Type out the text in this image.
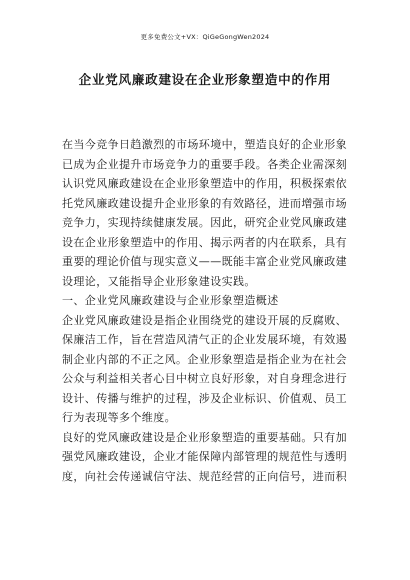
更多免费公文+VX：QiGeGongWen2024
企业党风廉政建设在企业形象塑造中的作用
在当今竞争日趋激烈的市场环境中，塑造良好的企业形象
已成为企业提升市场竞争力的重要手段。各类企业需深刻
认识党风廉政建设在企业形象塑造中的作用，积极探索依
托党风廉政建设提升企业形象的有效路径，进而增强市场
竞争力，实现持续健康发展。因此，研究企业党风廉政建
设在企业形象塑造中的作用、揭示两者的内在联系，具有
重要的理论价值与现实意义——既能丰富企业党风廉政建
设理论，又能指导企业形象建设实践。
一、企业党风廉政建设与企业形象塑造概述
企业党风廉政建设是指企业围绕党的建设开展的反腐败、
保廉洁工作，旨在营造风清气正的企业发展环境，有效遏
制企业内部的不正之风。企业形象塑造是指企业为在社会
公众与利益相关者心目中树立良好形象，对自身理念进行
设计、传播与维护的过程，涉及企业标识、价值观、员工
行为表现等多个维度。
良好的党风廉政建设是企业形象塑造的重要基础。只有加
强党风廉政建设，企业才能保障内部管理的规范性与透明
度，向社会传递诚信守法、规范经营的正向信号，进而积
